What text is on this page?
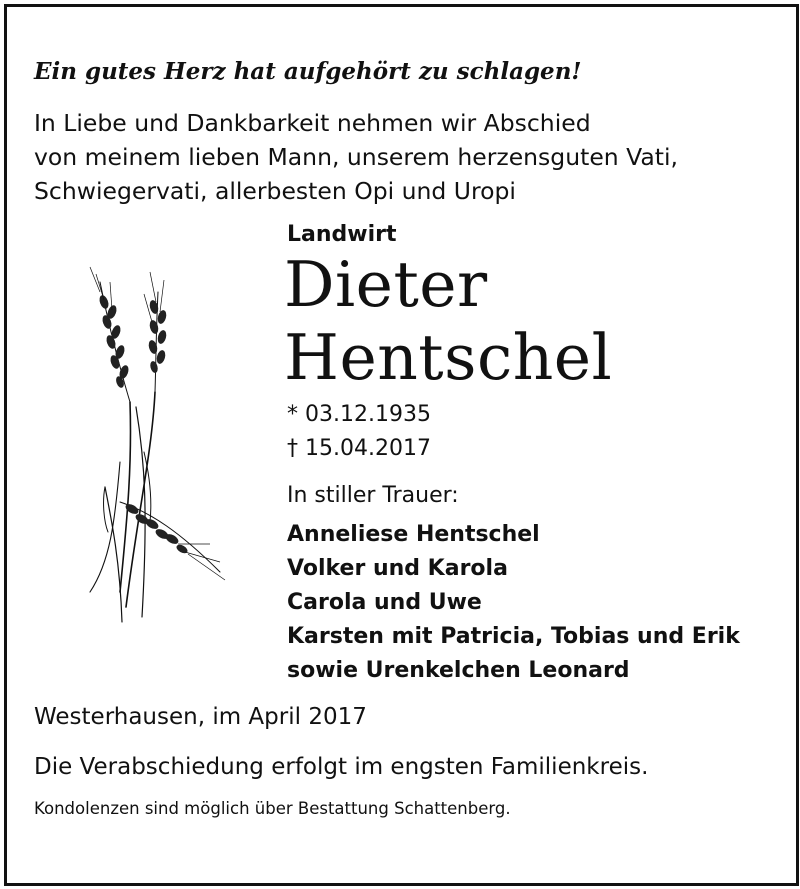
Ein gutes Herz hat aufgehört zu schlagen!
In Liebe und Dankbarkeit nehmen wir Abschied
von meinem lieben Mann, unserem herzensguten Vati,
Schwiegervati, allerbesten Opi und Uropi
Landwirt
Dieter
Hentschel
* 03.12.1935
† 15.04.2017
In stiller Trauer:
Anneliese Hentschel
Volker und Karola
Carola und Uwe
Karsten mit Patricia, Tobias und Erik
sowie Urenkelchen Leonard
Westerhausen, im April 2017
Die Verabschiedung erfolgt im engsten Familienkreis.
Kondolenzen sind möglich über Bestattung Schattenberg.
